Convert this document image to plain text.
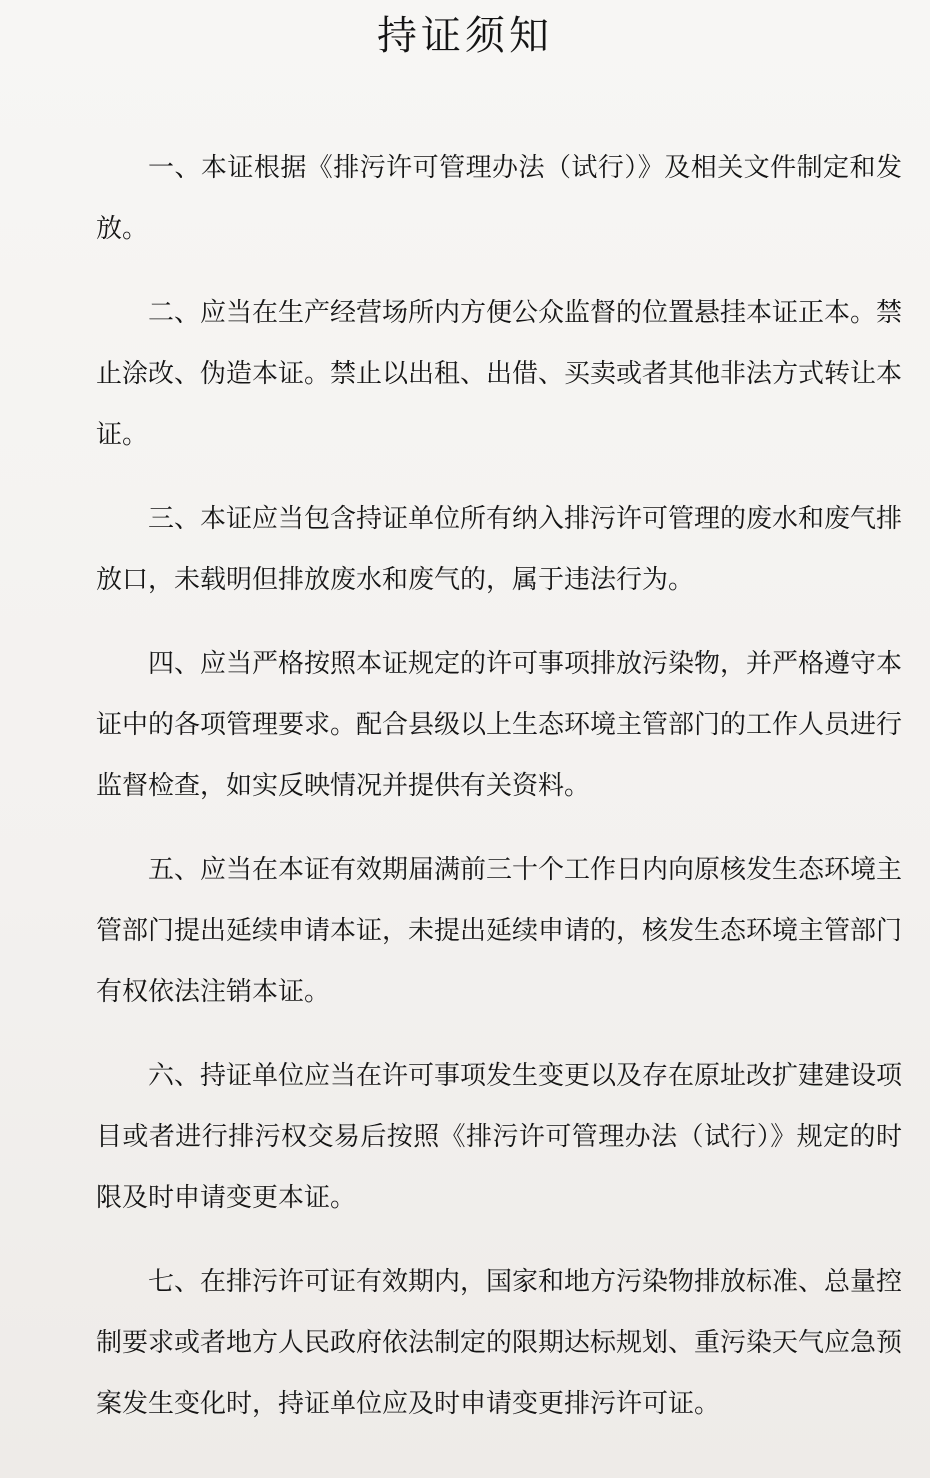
持证须知

一、本证根据《排污许可管理办法（试行）》及相关文件制定和发放。

二、应当在生产经营场所内方便公众监督的位置悬挂本证正本。禁止涂改、伪造本证。禁止以出租、出借、买卖或者其他非法方式转让本证。

三、本证应当包含持证单位所有纳入排污许可管理的废水和废气排放口，未载明但排放废水和废气的，属于违法行为。

四、应当严格按照本证规定的许可事项排放污染物，并严格遵守本证中的各项管理要求。配合县级以上生态环境主管部门的工作人员进行监督检查，如实反映情况并提供有关资料。

五、应当在本证有效期届满前三十个工作日内向原核发生态环境主管部门提出延续申请本证，未提出延续申请的，核发生态环境主管部门有权依法注销本证。

六、持证单位应当在许可事项发生变更以及存在原址改扩建建设项目或者进行排污权交易后按照《排污许可管理办法（试行）》规定的时限及时申请变更本证。

七、在排污许可证有效期内，国家和地方污染物排放标准、总量控制要求或者地方人民政府依法制定的限期达标规划、重污染天气应急预案发生变化时，持证单位应及时申请变更排污许可证。
